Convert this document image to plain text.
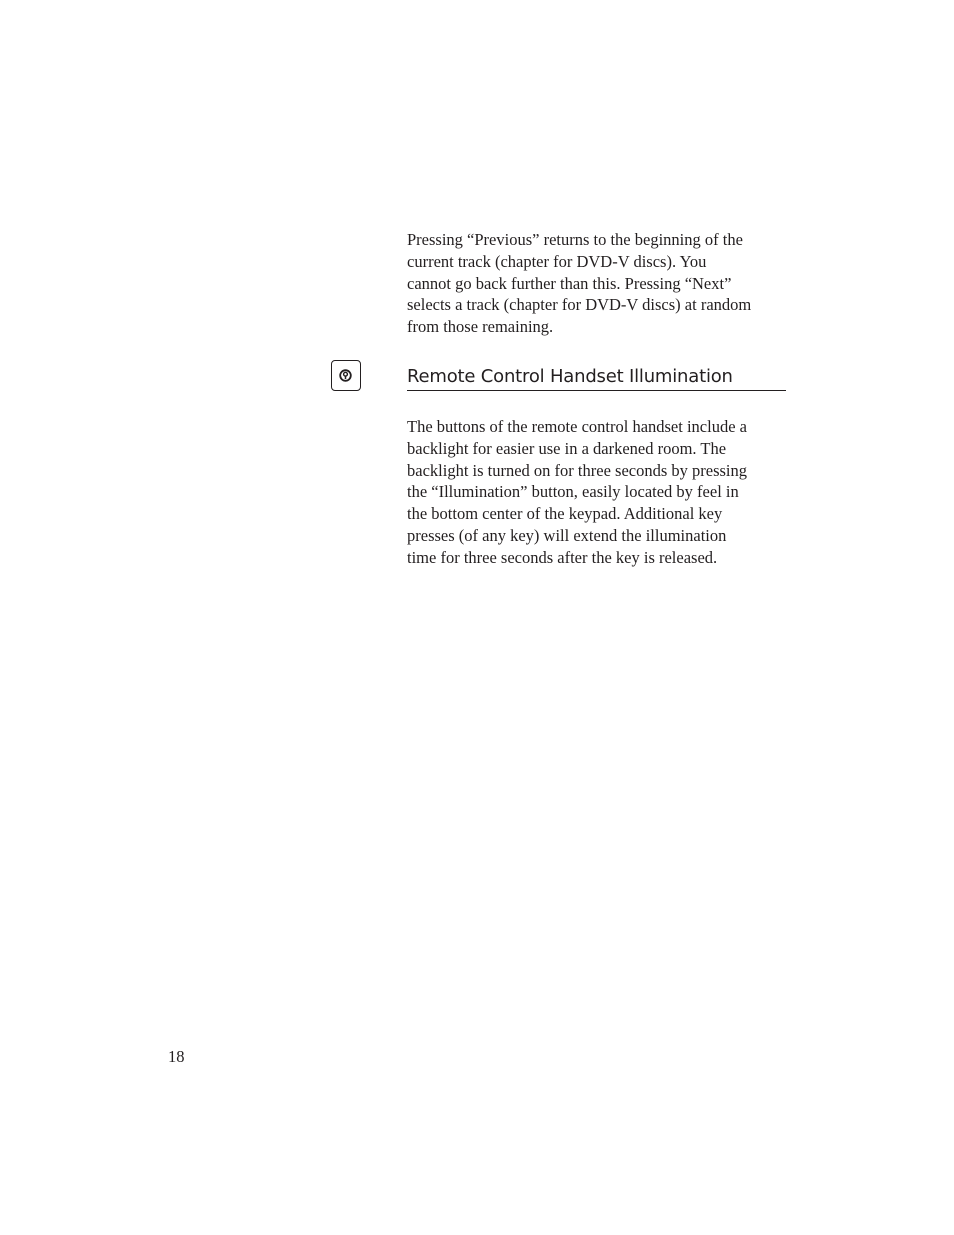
Pressing “Previous” returns to the beginning of the
current track (chapter for DVD-V discs). You
cannot go back further than this. Pressing “Next”
selects a track (chapter for DVD-V discs) at random
from those remaining.
Remote Control Handset Illumination
The buttons of the remote control handset include a
backlight for easier use in a darkened room. The
backlight is turned on for three seconds by pressing
the “Illumination” button, easily located by feel in
the bottom center of the keypad. Additional key
presses (of any key) will extend the illumination
time for three seconds after the key is released.
18
